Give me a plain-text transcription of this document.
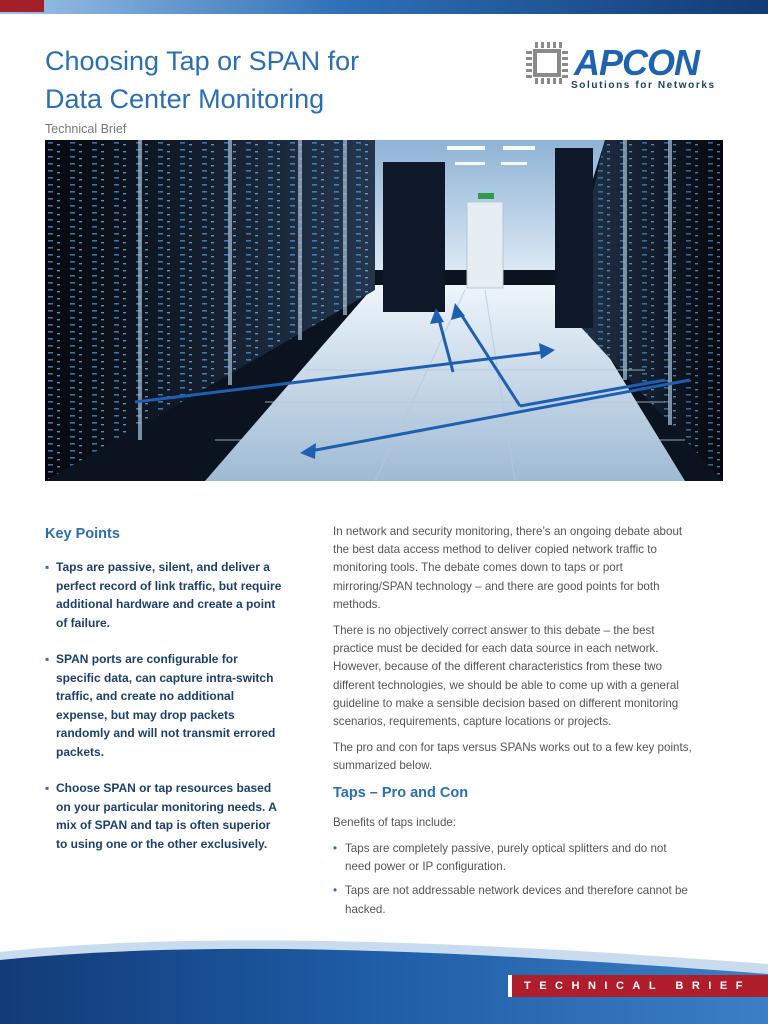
Choosing Tap or SPAN for
Data Center Monitoring
Technical Brief
APCON
Solutions for Networks
Key Points
▪ Taps are passive, silent, and deliver a perfect record of link traffic, but require additional hardware and create a point of failure.
▪ SPAN ports are configurable for specific data, can capture intra-switch traffic, and create no additional expense, but may drop packets randomly and will not transmit errored packets.
▪ Choose SPAN or tap resources based on your particular monitoring needs. A mix of SPAN and tap is often superior to using one or the other exclusively.

In network and security monitoring, there’s an ongoing debate about the best data access method to deliver copied network traffic to monitoring tools. The debate comes down to taps or port mirroring/SPAN technology – and there are good points for both methods.

There is no objectively correct answer to this debate – the best practice must be decided for each data source in each network. However, because of the different characteristics from these two different technologies, we should be able to come up with a general guideline to make a sensible decision based on different monitoring scenarios, requirements, capture locations or projects.

The pro and con for taps versus SPANs works out to a few key points, summarized below.

Taps – Pro and Con

Benefits of taps include:

• Taps are completely passive, purely optical splitters and do not need power or IP configuration.
• Taps are not addressable network devices and therefore cannot be hacked.
TECHNICAL BRIEF
